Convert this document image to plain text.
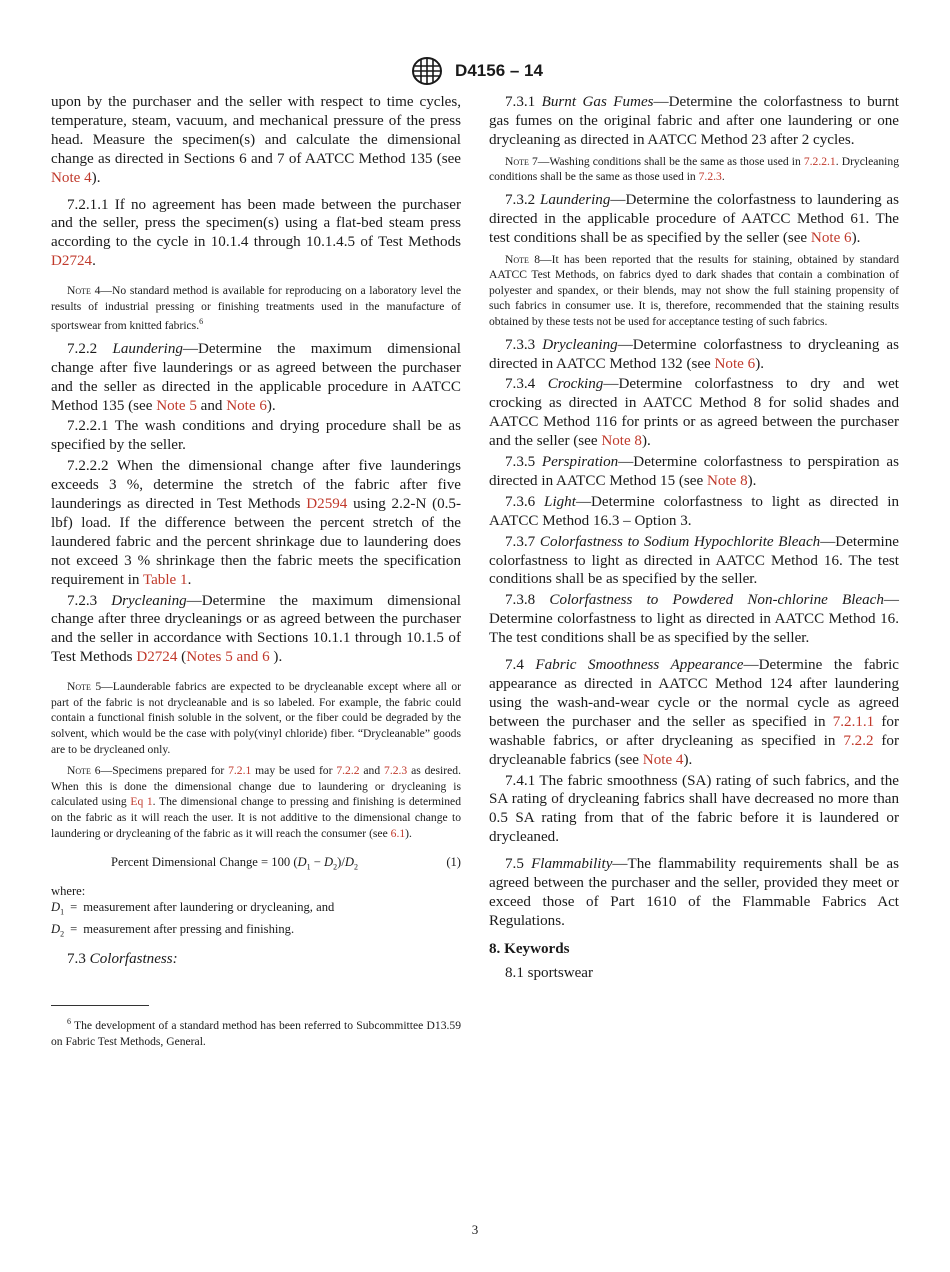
D4156 – 14

upon by the purchaser and the seller with respect to time cycles, temperature, steam, vacuum, and mechanical pressure of the press head. Measure the specimen(s) and calculate the dimensional change as directed in Sections 6 and 7 of AATCC Method 135 (see Note 4).

7.2.1.1 If no agreement has been made between the purchaser and the seller, press the specimen(s) using a flat-bed steam press according to the cycle in 10.1.4 through 10.1.4.5 of Test Methods D2724.

Note 4—No standard method is available for reproducing on a laboratory level the results of industrial pressing or finishing treatments used in the manufacture of sportswear from knitted fabrics.$^6$

7.2.2 Laundering—Determine the maximum dimensional change after five launderings or as agreed between the purchaser and the seller as directed in the applicable procedure in AATCC Method 135 (see Note 5 and Note 6).

7.2.2.1 The wash conditions and drying procedure shall be as specified by the seller.

7.2.2.2 When the dimensional change after five launderings exceeds 3 %, determine the stretch of the fabric after five launderings as directed in Test Methods D2594 using 2.2-N (0.5-lbf) load. If the difference between the percent stretch of the laundered fabric and the percent shrinkage due to laundering does not exceed 3 % shrinkage then the fabric meets the specification requirement in Table 1.

7.2.3 Drycleaning—Determine the maximum dimensional change after three drycleanings or as agreed between the purchaser and the seller in accordance with Sections 10.1.1 through 10.1.5 of Test Methods D2724 (Notes 5 and 6 ).

Note 5—Launderable fabrics are expected to be drycleanable except where all or part of the fabric is not drycleanable and is so labeled. For example, the fabric could contain a functional finish soluble in the solvent, or the fiber could be degraded by the solvent, which would be the case with poly(vinyl chloride) fiber. “Drycleanable” goods are to be drycleaned only.

Note 6—Specimens prepared for 7.2.1 may be used for 7.2.2 and 7.2.3 as desired. When this is done the dimensional change due to laundering or drycleaning is calculated using Eq 1. The dimensional change to pressing and finishing is determined on the fabric as it will reach the user. It is not additive to the dimensional change to laundering or drycleaning of the fabric as it will reach the consumer (see 6.1).

Percent Dimensional Change = 100 $(D_1 - D_2)/D_2$	(1)

where:

$D_1$	=	measurement after laundering or drycleaning, and
$D_2$	=	measurement after pressing and finishing.

7.3 Colorfastness:

$^6$ The development of a standard method has been referred to Subcommittee D13.59 on Fabric Test Methods, General.

7.3.1 Burnt Gas Fumes—Determine the colorfastness to burnt gas fumes on the original fabric and after one laundering or one drycleaning as directed in AATCC Method 23 after 2 cycles.

Note 7—Washing conditions shall be the same as those used in 7.2.2.1. Drycleaning conditions shall be the same as those used in 7.2.3.

7.3.2 Laundering—Determine the colorfastness to laundering as directed in the applicable procedure of AATCC Method 61. The test conditions shall be as specified by the seller (see Note 6).

Note 8—It has been reported that the results for staining, obtained by standard AATCC Test Methods, on fabrics dyed to dark shades that contain a combination of polyester and spandex, or their blends, may not show the full staining propensity of such fabrics in consumer use. It is, therefore, recommended that the staining results obtained by these tests not be used for acceptance testing of such fabrics.

7.3.3 Drycleaning—Determine colorfastness to drycleaning as directed in AATCC Method 132 (see Note 6).

7.3.4 Crocking—Determine colorfastness to dry and wet crocking as directed in AATCC Method 8 for solid shades and AATCC Method 116 for prints or as agreed between the purchaser and the seller (see Note 8).

7.3.5 Perspiration—Determine colorfastness to perspiration as directed in AATCC Method 15 (see Note 8).

7.3.6 Light—Determine colorfastness to light as directed in AATCC Method 16.3 – Option 3.

7.3.7 Colorfastness to Sodium Hypochlorite Bleach—Determine colorfastness to light as directed in AATCC Method 16. The test conditions shall be as specified by the seller.

7.3.8 Colorfastness to Powdered Non-chlorine Bleach—Determine colorfastness to light as directed in AATCC Method 16. The test conditions shall be as specified by the seller.

7.4 Fabric Smoothness Appearance—Determine the fabric appearance as directed in AATCC Method 124 after laundering using the wash-and-wear cycle or the normal cycle as agreed between the purchaser and the seller as specified in 7.2.1.1 for washable fabrics, or after drycleaning as specified in 7.2.2 for drycleanable fabrics (see Note 4).

7.4.1 The fabric smoothness (SA) rating of such fabrics, and the SA rating of drycleaning fabrics shall have decreased no more than 0.5 SA rating from that of the fabric before it is laundered or drycleaned.

7.5 Flammability—The flammability requirements shall be as agreed between the purchaser and the seller, provided they meet or exceed those of Part 1610 of the Flammable Fabrics Act Regulations.

8. Keywords

8.1 sportswear

3
